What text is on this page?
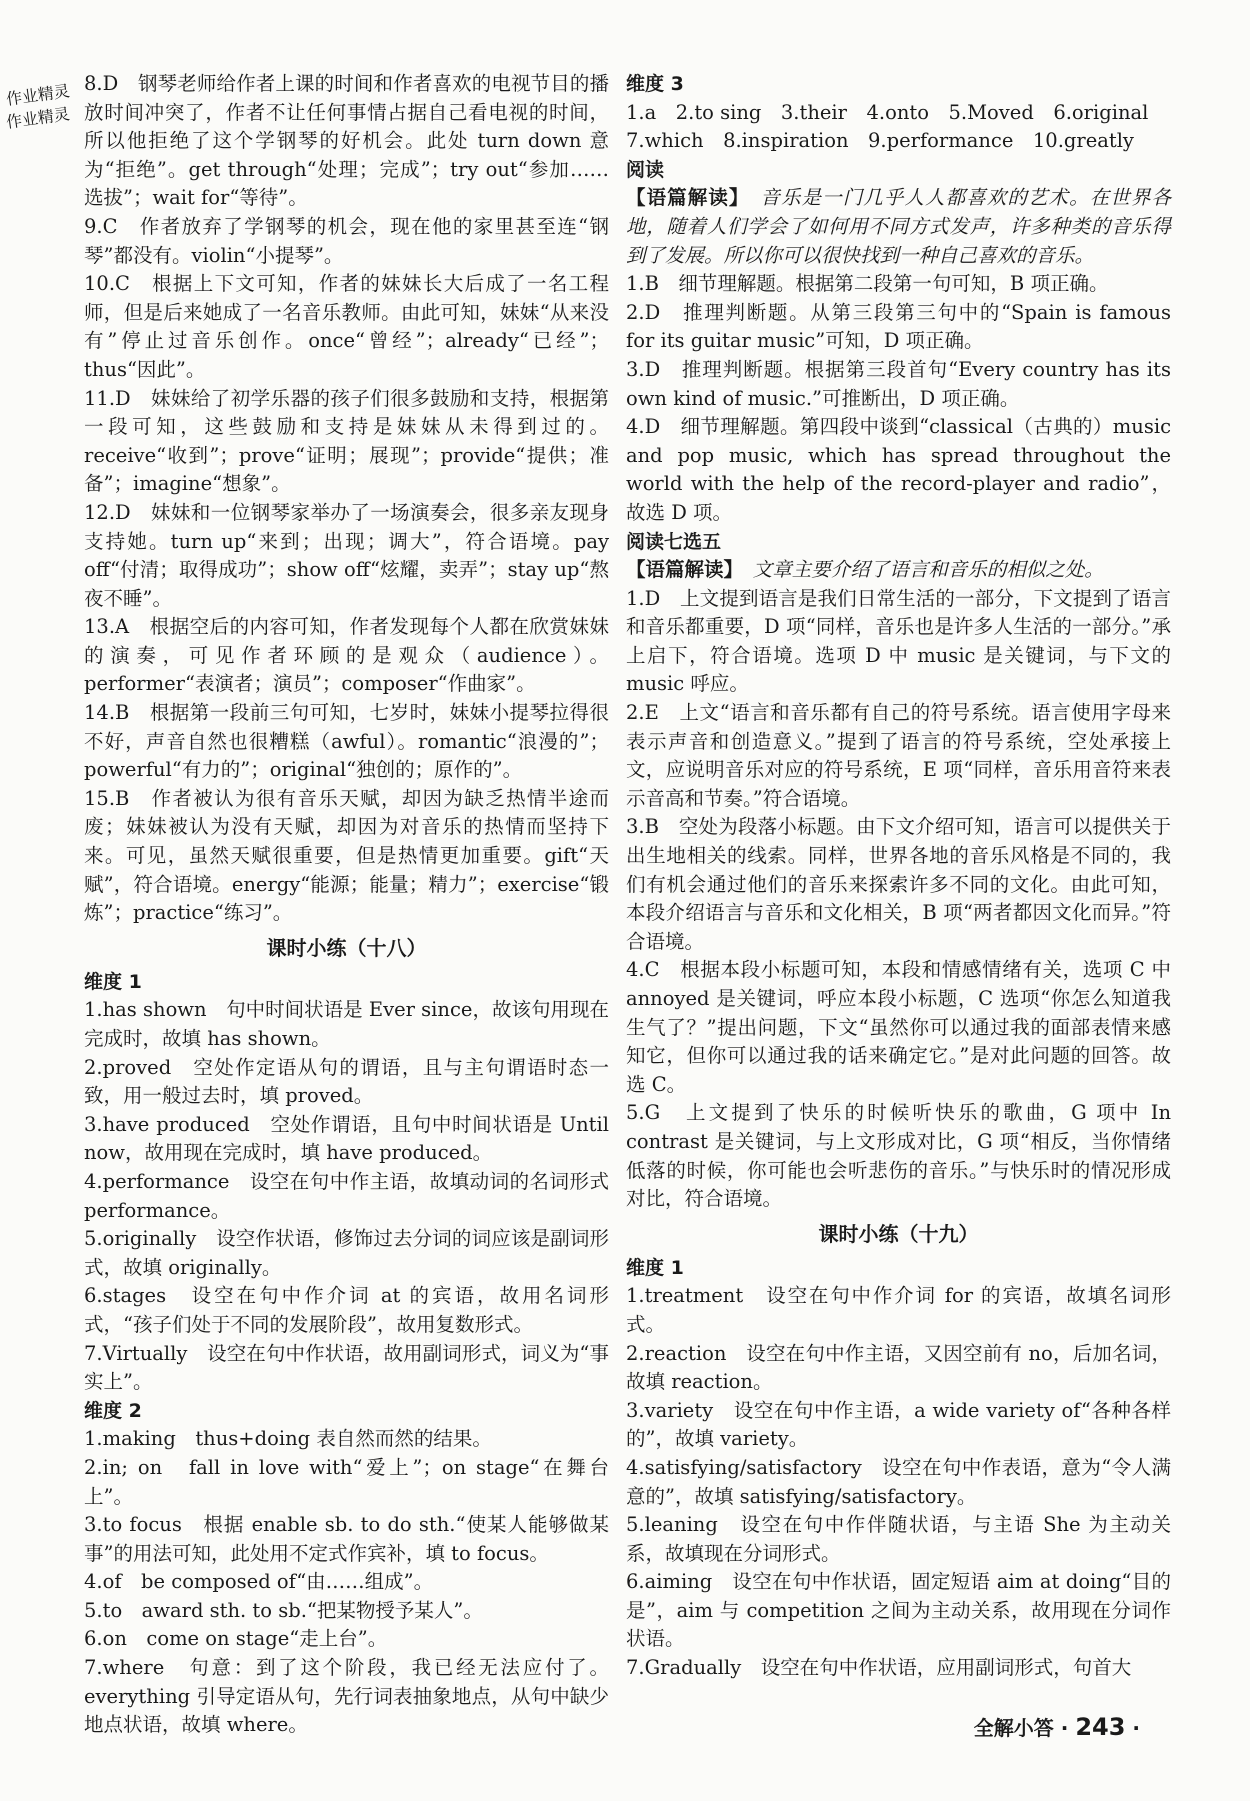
8.D　钢琴老师给作者上课的时间和作者喜欢的电视节目的播放时间冲突了，作者不让任何事情占据自己看电视的时间，所以他拒绝了这个学钢琴的好机会。此处 turn down 意为“拒绝”。get through“处理；完成”；try out“参加……选拔”；wait for“等待”。

9.C　作者放弃了学钢琴的机会，现在他的家里甚至连“钢琴”都没有。violin“小提琴”。

10.C　根据上下文可知，作者的妹妹长大后成了一名工程师，但是后来她成了一名音乐教师。由此可知，妹妹“从来没有”停止过音乐创作。once“曾经”；already“已经”；thus“因此”。

11.D　妹妹给了初学乐器的孩子们很多鼓励和支持，根据第一段可知，这些鼓励和支持是妹妹从未得到过的。receive“收到”；prove“证明；展现”；provide“提供；准备”；imagine“想象”。

12.D　妹妹和一位钢琴家举办了一场演奏会，很多亲友现身支持她。turn up“来到；出现；调大”，符合语境。pay off“付清；取得成功”；show off“炫耀，卖弄”；stay up“熬夜不睡”。

13.A　根据空后的内容可知，作者发现每个人都在欣赏妹妹的演奏，可见作者环顾的是观众（audience）。performer“表演者；演员”；composer“作曲家”。

14.B　根据第一段前三句可知，七岁时，妹妹小提琴拉得很不好，声音自然也很糟糕（awful）。romantic“浪漫的”；powerful“有力的”；original“独创的；原作的”。

15.B　作者被认为很有音乐天赋，却因为缺乏热情半途而废；妹妹被认为没有天赋，却因为对音乐的热情而坚持下来。可见，虽然天赋很重要，但是热情更加重要。gift“天赋”，符合语境。energy“能源；能量；精力”；exercise“锻炼”；practice“练习”。

课时小练（十八）
维度 1

1.has shown　句中时间状语是 Ever since，故该句用现在完成时，故填 has shown。

2.proved　空处作定语从句的谓语，且与主句谓语时态一致，用一般过去时，填 proved。

3.have produced　空处作谓语，且句中时间状语是 Until now，故用现在完成时，填 have produced。

4.performance　设空在句中作主语，故填动词的名词形式 performance。

5.originally　设空作状语，修饰过去分词的词应该是副词形式，故填 originally。

6.stages　设空在句中作介词 at 的宾语，故用名词形式，“孩子们处于不同的发展阶段”，故用复数形式。

7.Virtually　设空在句中作状语，故用副词形式，词义为“事实上”。

维度 2

1.making　thus+doing 表自然而然的结果。

2.in; on　fall in love with“爱上”；on stage“在舞台上”。

3.to focus　根据 enable sb. to do sth.“使某人能够做某事”的用法可知，此处用不定式作宾补，填 to focus。

4.of　be composed of“由……组成”。

5.to　award sth. to sb.“把某物授予某人”。

6.on　come on stage“走上台”。

7.where　句意：到了这个阶段，我已经无法应付了。everything 引导定语从句，先行词表抽象地点，从句中缺少地点状语，故填 where。

维度 3

1.a　2.to sing　3.their　4.onto　5.Moved　6.original

7.which　8.inspiration　9.performance　10.greatly

阅读

【语篇解读】　 音乐是一门几乎人人都喜欢的艺术。在世界各地，随着人们学会了如何用不同方式发声，许多种类的音乐得到了发展。所以你可以很快找到一种自己喜欢的音乐。

1.B　细节理解题。根据第二段第一句可知，B 项正确。

2.D　推理判断题。从第三段第三句中的“Spain is famous for its guitar music”可知，D 项正确。

3.D　推理判断题。根据第三段首句“Every country has its own kind of music.”可推断出，D 项正确。

4.D　细节理解题。第四段中谈到“classical（古典的）music and pop music, which has spread throughout the world with the help of the record-player and radio”，故选 D 项。

阅读七选五

【语篇解读】　 文章主要介绍了语言和音乐的相似之处。

1.D　上文提到语言是我们日常生活的一部分，下文提到了语言和音乐都重要，D 项“同样，音乐也是许多人生活的一部分。”承上启下，符合语境。选项 D 中 music 是关键词，与下文的 music 呼应。

2.E　上文“语言和音乐都有自己的符号系统。语言使用字母来表示声音和创造意义。”提到了语言的符号系统，空处承接上文，应说明音乐对应的符号系统，E 项“同样，音乐用音符来表示音高和节奏。”符合语境。

3.B　空处为段落小标题。由下文介绍可知，语言可以提供关于出生地相关的线索。同样，世界各地的音乐风格是不同的，我们有机会通过他们的音乐来探索许多不同的文化。由此可知，本段介绍语言与音乐和文化相关，B 项“两者都因文化而异。”符合语境。

4.C　根据本段小标题可知，本段和情感情绪有关，选项 C 中 annoyed 是关键词，呼应本段小标题，C 选项“你怎么知道我生气了？”提出问题，下文“虽然你可以通过我的面部表情来感知它，但你可以通过我的话来确定它。”是对此问题的回答。故选 C。

5.G　上文提到了快乐的时候听快乐的歌曲，G 项中 In contrast 是关键词，与上文形成对比，G 项“相反，当你情绪低落的时候，你可能也会听悲伤的音乐。”与快乐时的情况形成对比，符合语境。

课时小练（十九）
维度 1

1.treatment　设空在句中作介词 for 的宾语，故填名词形式。

2.reaction　设空在句中作主语，又因空前有 no，后加名词，故填 reaction。

3.variety　设空在句中作主语，a wide variety of“各种各样的”，故填 variety。

4.satisfying/satisfactory　设空在句中作表语，意为“令人满意的”，故填 satisfying/satisfactory。

5.leaning　设空在句中作伴随状语，与主语 She 为主动关系，故填现在分词形式。

6.aiming　设空在句中作状语，固定短语 aim at doing“目的是”，aim 与 competition 之间为主动关系，故用现在分词作状语。

7.Gradually　设空在句中作状语，应用副词形式，句首大

作业精灵
作业精灵
全解小答 · 243 ·
